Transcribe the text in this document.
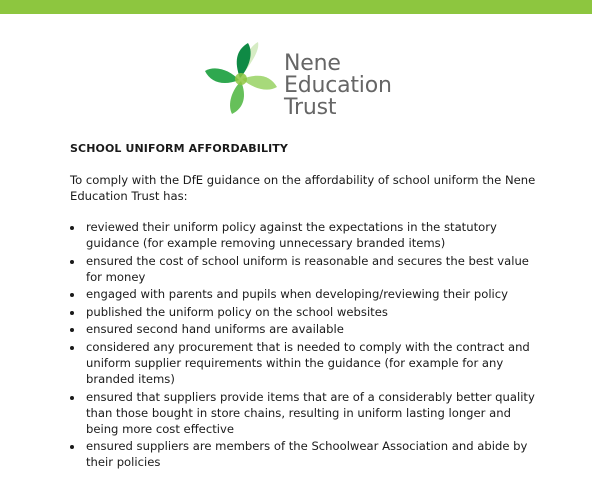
Nene
Education
Trust
SCHOOL UNIFORM AFFORDABILITY

To comply with the DfE guidance on the affordability of school uniform the Nene Education Trust has:

reviewed their uniform policy against the expectations in the statutory guidance (for example removing unnecessary branded items)
ensured the cost of school uniform is reasonable and secures the best value for money
engaged with parents and pupils when developing/reviewing their policy
published the uniform policy on the school websites
ensured second hand uniforms are available
considered any procurement that is needed to comply with the contract and uniform supplier requirements within the guidance (for example for any branded items)
ensured that suppliers provide items that are of a considerably better quality than those bought in store chains, resulting in uniform lasting longer and being more cost effective
ensured suppliers are members of the Schoolwear Association and abide by their policies
